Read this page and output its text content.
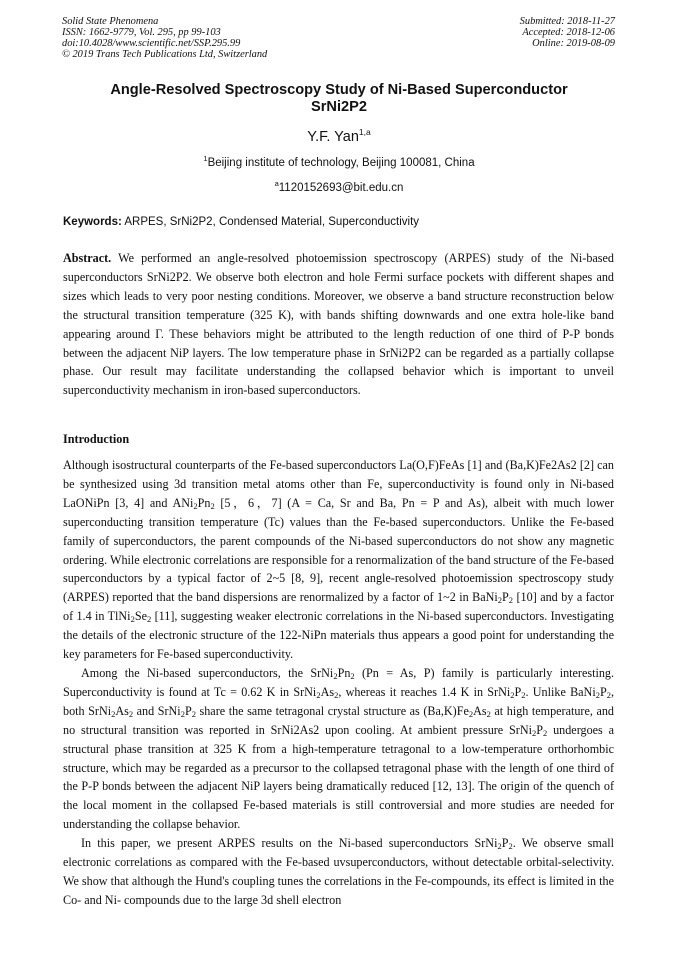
Solid State Phenomena
ISSN: 1662-9779, Vol. 295, pp 99-103
doi:10.4028/www.scientific.net/SSP.295.99
© 2019 Trans Tech Publications Ltd, Switzerland
Submitted: 2018-11-27
Accepted: 2018-12-06
Online: 2019-08-09
Angle-Resolved Spectroscopy Study of Ni-Based Superconductor
SrNi2P2
Y.F. Yan$^{1,a}$
$^1$Beijing institute of technology, Beijing 100081, China
$^a$1120152693@bit.edu.cn
Keywords: ARPES, SrNi2P2, Condensed Material, Superconductivity
Abstract. We performed an angle-resolved photoemission spectroscopy (ARPES) study of the Ni-based superconductors SrNi2P2. We observe both electron and hole Fermi surface pockets with different shapes and sizes which leads to very poor nesting conditions. Moreover, we observe a band structure reconstruction below the structural transition temperature (325 K), with bands shifting downwards and one extra hole-like band appearing around Γ. These behaviors might be attributed to the length reduction of one third of P-P bonds between the adjacent NiP layers. The low temperature phase in SrNi2P2 can be regarded as a partially collapse phase. Our result may facilitate understanding the collapsed behavior which is important to unveil superconductivity mechanism in iron-based superconductors.
Introduction

Although isostructural counterparts of the Fe-based superconductors La(O,F)FeAs [1] and (Ba,K)Fe2As2 [2] can be synthesized using 3d transition metal atoms other than Fe, superconductivity is found only in Ni-based LaONiPn [3, 4] and $ANi_2Pn_2$ [5，6，7] (A = Ca, Sr and Ba, Pn = P and As), albeit with much lower superconducting transition temperature (Tc) values than the Fe-based superconductors. Unlike the Fe-based family of superconductors, the parent compounds of the Ni-based superconductors do not show any magnetic ordering. While electronic correlations are responsible for a renormalization of the band structure of the Fe-based superconductors by a typical factor of 2~5 [8, 9], recent angle-resolved photoemission spectroscopy study (ARPES) reported that the band dispersions are renormalized by a factor of 1~2 in $BaNi_2P_2$ [10] and by a factor of 1.4 in $TlNi_2Se_2$ [11], suggesting weaker electronic correlations in the Ni-based superconductors. Investigating the details of the electronic structure of the 122-NiPn materials thus appears a good point for understanding the key parameters for Fe-based superconductivity.

Among the Ni-based superconductors, the $SrNi_2Pn_2$ (Pn = As, P) family is particularly interesting. Superconductivity is found at Tc = 0.62 K in $SrNi_2As_2$, whereas it reaches 1.4 K in $SrNi_2P_2$. Unlike $BaNi_2P_2$, both $SrNi_2As_2$ and $SrNi_2P_2$ share the same tetragonal crystal structure as $(Ba,K)Fe_2As_2$ at high temperature, and no structural transition was reported in SrNi2As2 upon cooling. At ambient pressure $SrNi_2P_2$ undergoes a structural phase transition at 325 K from a high-temperature tetragonal to a low-temperature orthorhombic structure, which may be regarded as a precursor to the collapsed tetragonal phase with the length of one third of the P-P bonds between the adjacent NiP layers being dramatically reduced [12, 13]. The origin of the quench of the local moment in the collapsed Fe-based materials is still controversial and more studies are needed for understanding the collapse behavior.

In this paper, we present ARPES results on the Ni-based superconductors $SrNi_2P_2$. We observe small electronic correlations as compared with the Fe-based uvsuperconductors, without detectable orbital-selectivity. We show that although the Hund's coupling tunes the correlations in the Fe-compounds, its effect is limited in the Co- and Ni- compounds due to the large 3d shell electron
